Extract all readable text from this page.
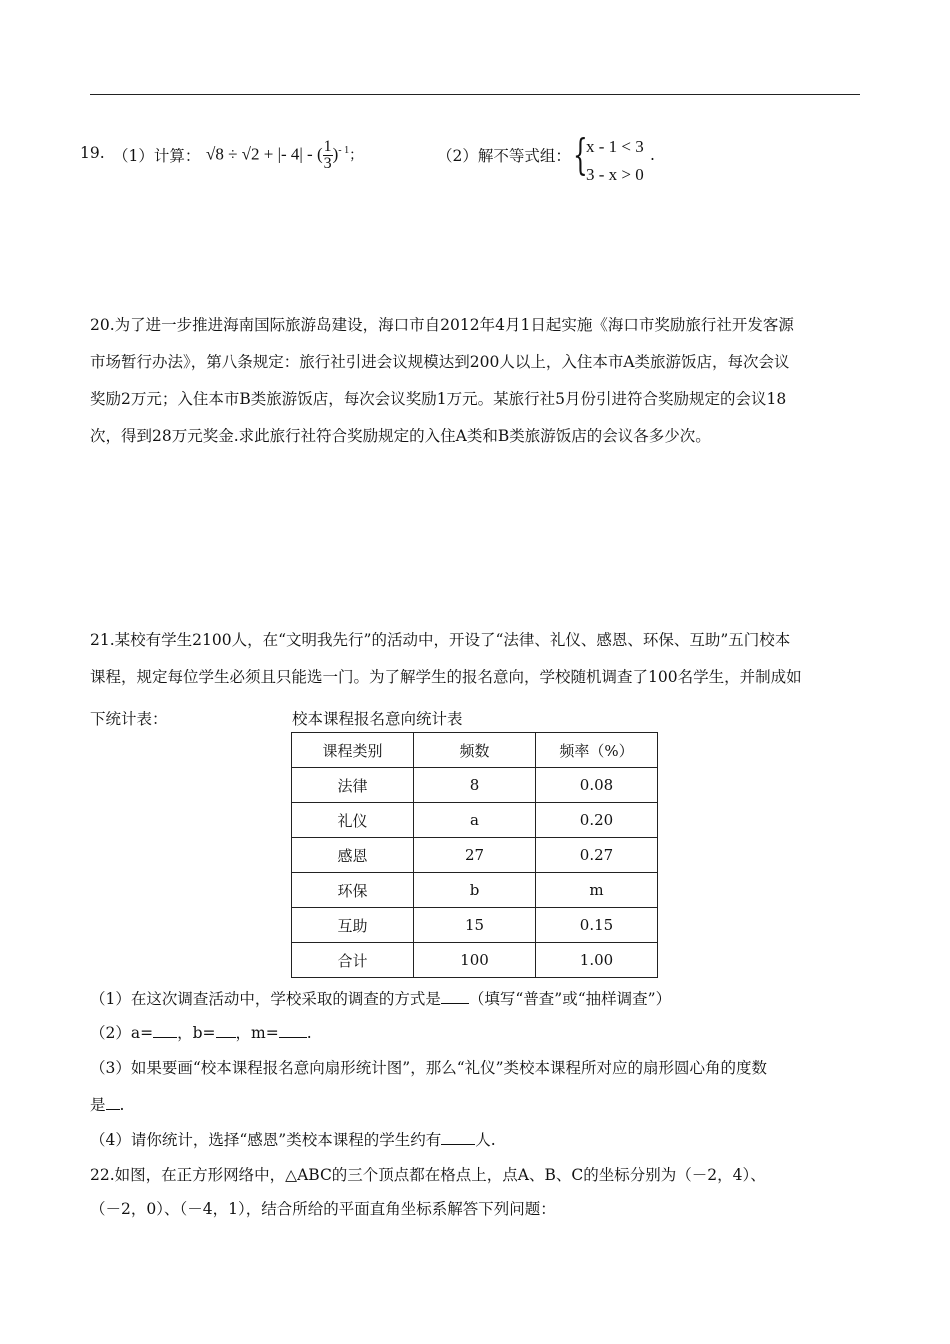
19. （1）计算： √8 ÷ √2 + |- 4| - ( $\frac{1}{3} )^{- 1}$；	（2）解不等式组： {
x - 1 < 3
3 - x > 0
.

20.为了进一步推进海南国际旅游岛建设，海口市自2012年4月1日起实施《海口市奖励旅行社开发客源

市场暂行办法》，第八条规定：旅行社引进会议规模达到200人以上，入住本市A类旅游饭店，每次会议

奖励2万元；入住本市B类旅游饭店，每次会议奖励1万元。某旅行社5月份引进符合奖励规定的会议18

次，得到28万元奖金.求此旅行社符合奖励规定的入住A类和B类旅游饭店的会议各多少次。

21.某校有学生2100人，在“文明我先行”的活动中，开设了“法律、礼仪、感恩、环保、互助”五门校本

课程，规定每位学生必须且只能选一门。为了解学生的报名意向，学校随机调查了100名学生，并制成如

下统计表：	校本课程报名意向统计表
课程类别	频数	频率（%）
法律	8	0.08
礼仪	a	0.20
感恩	27	0.27
环保	b	m
互助	15	0.15
合计	100	1.00
（1）在这次调查活动中，学校采取的调查的方式是 （填写“普查”或“抽样调查”）
（2）a= ，b= ，m= .
（3）如果要画“校本课程报名意向扇形统计图”，那么“礼仪”类校本课程所对应的扇形圆心角的度数
是 .
（4）请你统计，选择“感恩”类校本课程的学生约有 人.
22.如图，在正方形网络中，△ABC的三个顶点都在格点上，点A、B、C的坐标分别为（－2，4）、
（－2，0）、（－4，1），结合所给的平面直角坐标系解答下列问题：
